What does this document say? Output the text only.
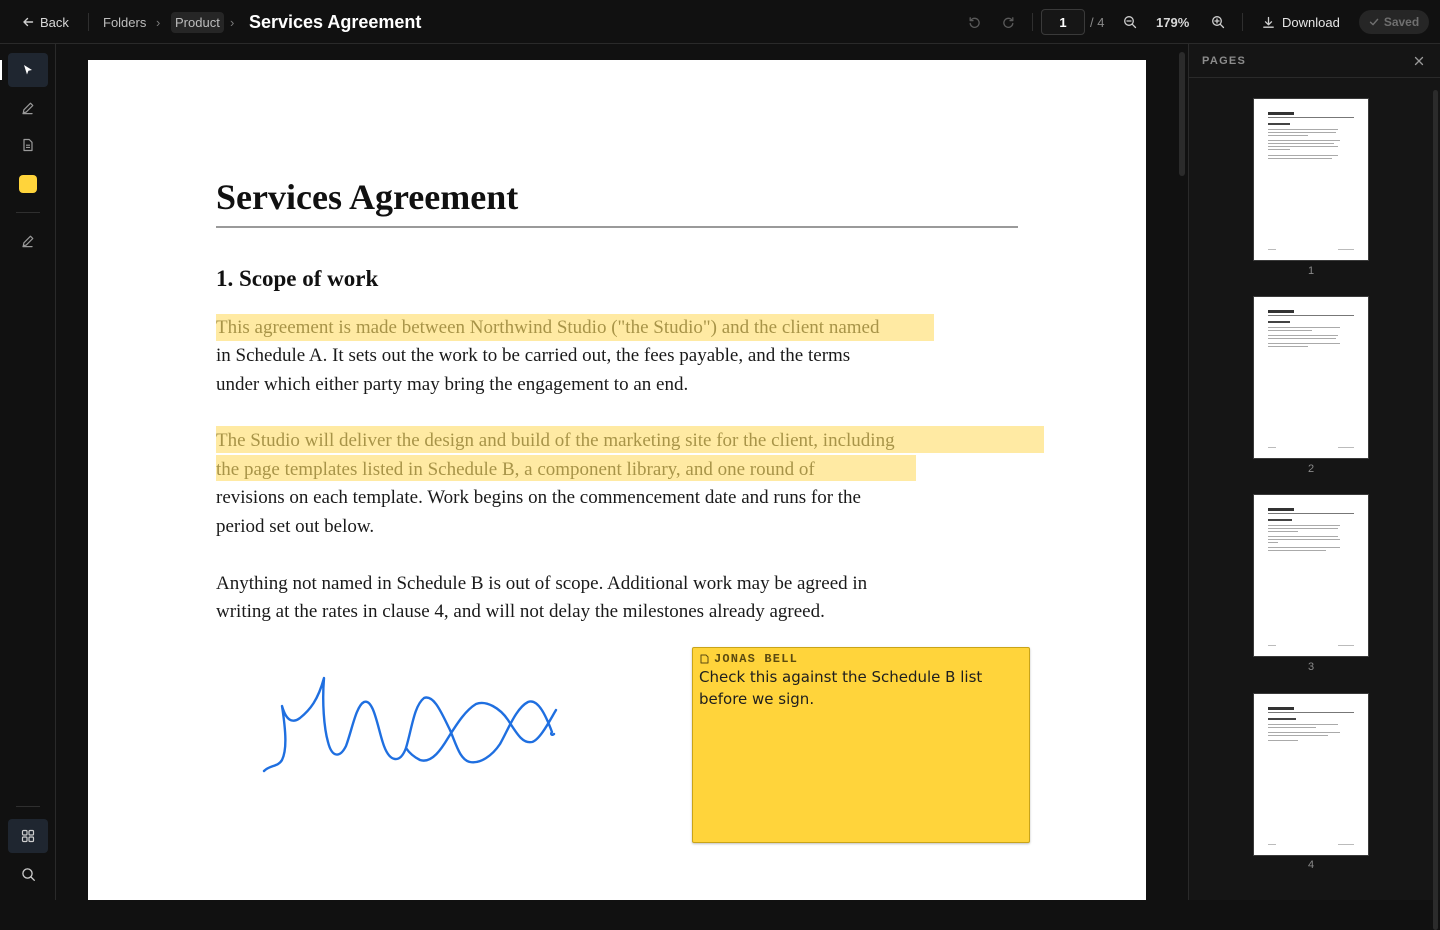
Back	Folders ›	Product › Services Agreement
1	/ 4	179%	Download	Saved
Services Agreement
1. Scope of work
This agreement is made between Northwind Studio ("the Studio") and the client named
in Schedule A. It sets out the work to be carried out, the fees payable, and the terms
under which either party may bring the engagement to an end.
The Studio will deliver the design and build of the marketing site for the client, including
the page templates listed in Schedule B, a component library, and one round of
revisions on each template. Work begins on the commencement date and runs for the
period set out below.
Anything not named in Schedule B is out of scope. Additional work may be agreed in
writing at the rates in clause 4, and will not delay the milestones already agreed.
JONAS BELL
Check this against the Schedule B list before we sign.
PAGES
1
2
3
4
